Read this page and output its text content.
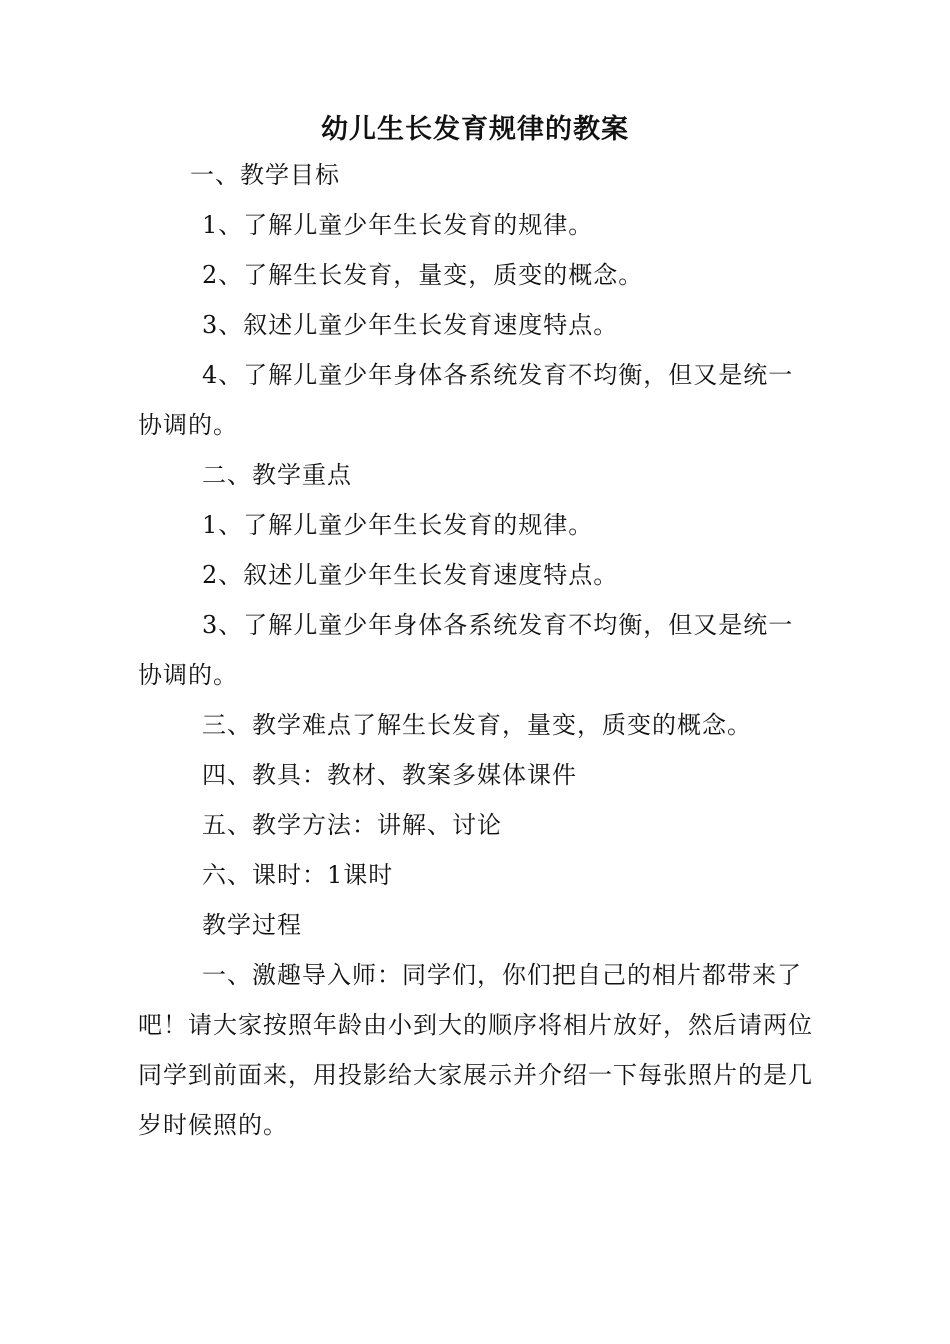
幼儿生长发育规律的教案

一、教学目标

1、了解儿童少年生长发育的规律。

2、了解生长发育，量变，质变的概念。

3、叙述儿童少年生长发育速度特点。

4、了解儿童少年身体各系统发育不均衡，但又是统一协调的。

二、教学重点

1、了解儿童少年生长发育的规律。

2、叙述儿童少年生长发育速度特点。

3、了解儿童少年身体各系统发育不均衡，但又是统一协调的。

三、教学难点了解生长发育，量变，质变的概念。

四、教具：教材、教案多媒体课件

五、教学方法：讲解、讨论

六、课时：1课时

教学过程

一、激趣导入师：同学们，你们把自己的相片都带来了吧！请大家按照年龄由小到大的顺序将相片放好，然后请两位同学到前面来，用投影给大家展示并介绍一下每张照片的是几岁时候照的。
